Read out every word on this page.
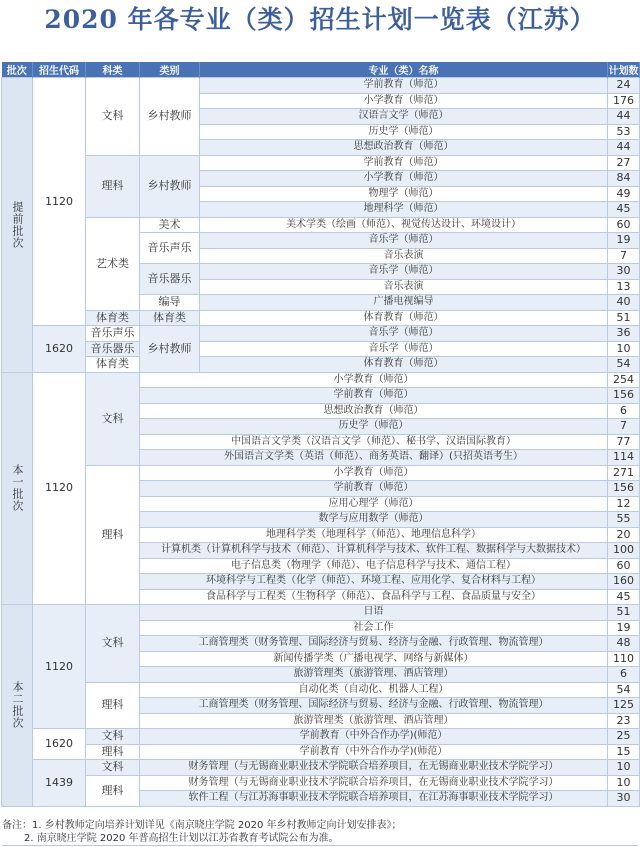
2020 年各专业（类）招生计划一览表（江苏）
批次	招生代码	科类	类别	专业（类）名称	计划数
提前批次	1120	文科	乡村教师	学前教育（师范）	24
				小学教育（师范）	176
				汉语言文学（师范）	44
				历史学（师范）	53
				思想政治教育（师范）	44
		理科	乡村教师	学前教育（师范）	27
				小学教育（师范）	84
				物理学（师范）	49
				地理科学（师范）	45
		艺术类	美术	美术学类（绘画（师范）、视觉传达设计、环境设计）	60
			音乐声乐	音乐学（师范）	19
				音乐表演	7
			音乐器乐	音乐学（师范）	30
				音乐表演	13
			编导	广播电视编导	40
		体育类	体育类	体育教育（师范）	51
	1620	音乐声乐	乡村教师	音乐学（师范）	36
		音乐器乐		音乐学（师范）	10
		体育类		体育教育（师范）	54
本一批次	1120	文科	小学教育（师范）		254
			学前教育（师范）		156
			思想政治教育（师范）		6
			历史学（师范）		7
			中国语言文学类（汉语言文学（师范）、秘书学、汉语国际教育）		77
			外国语言文学类（英语（师范）、商务英语、翻译）(只招英语考生）		114
		理科	小学教育（师范）		271
			学前教育（师范）		156
			应用心理学（师范）		12
			数学与应用数学（师范）		55
			地理科学类（地理科学（师范）、地理信息科学）		20
			计算机类（计算机科学与技术（师范）、计算机科学与技术、软件工程、数据科学与大数据技术）		100
			电子信息类（物理学（师范）、电子信息科学与技术、通信工程）		60
			环境科学与工程类（化学（师范）、环境工程、应用化学、复合材料与工程）		160
			食品科学与工程类（生物科学（师范）、食品科学与工程、食品质量与安全）		45
本二批次	1120	文科	日语		51
			社会工作		19
			工商管理类（财务管理、国际经济与贸易、经济与金融、行政管理、物流管理）		48
			新闻传播学类（广播电视学、网络与新媒体）		110
			旅游管理类（旅游管理、酒店管理）		6
		理科	自动化类（自动化、机器人工程）		54
			工商管理类（财务管理、国际经济与贸易、经济与金融、行政管理、物流管理）		125
			旅游管理类（旅游管理、酒店管理）		23
	1620	文科	学前教育（中外合作办学)(师范）		25
		理科	学前教育（中外合作办学)(师范）		15
	1439	文科	财务管理（与无锡商业职业技术学院联合培养项目，在无锡商业职业技术学院学习）		10
		理科	财务管理（与无锡商业职业技术学院联合培养项目，在无锡商业职业技术学院学习）		10
			软件工程（与江苏海事职业技术学院联合培养项目，在江苏海事职业技术学院学习）		30
备注：1. 乡村教师定向培养计划详见《南京晓庄学院 2020 年乡村教师定向计划安排表》；
2. 南京晓庄学院 2020 年普高招生计划以江苏省教育考试院公布为准。
